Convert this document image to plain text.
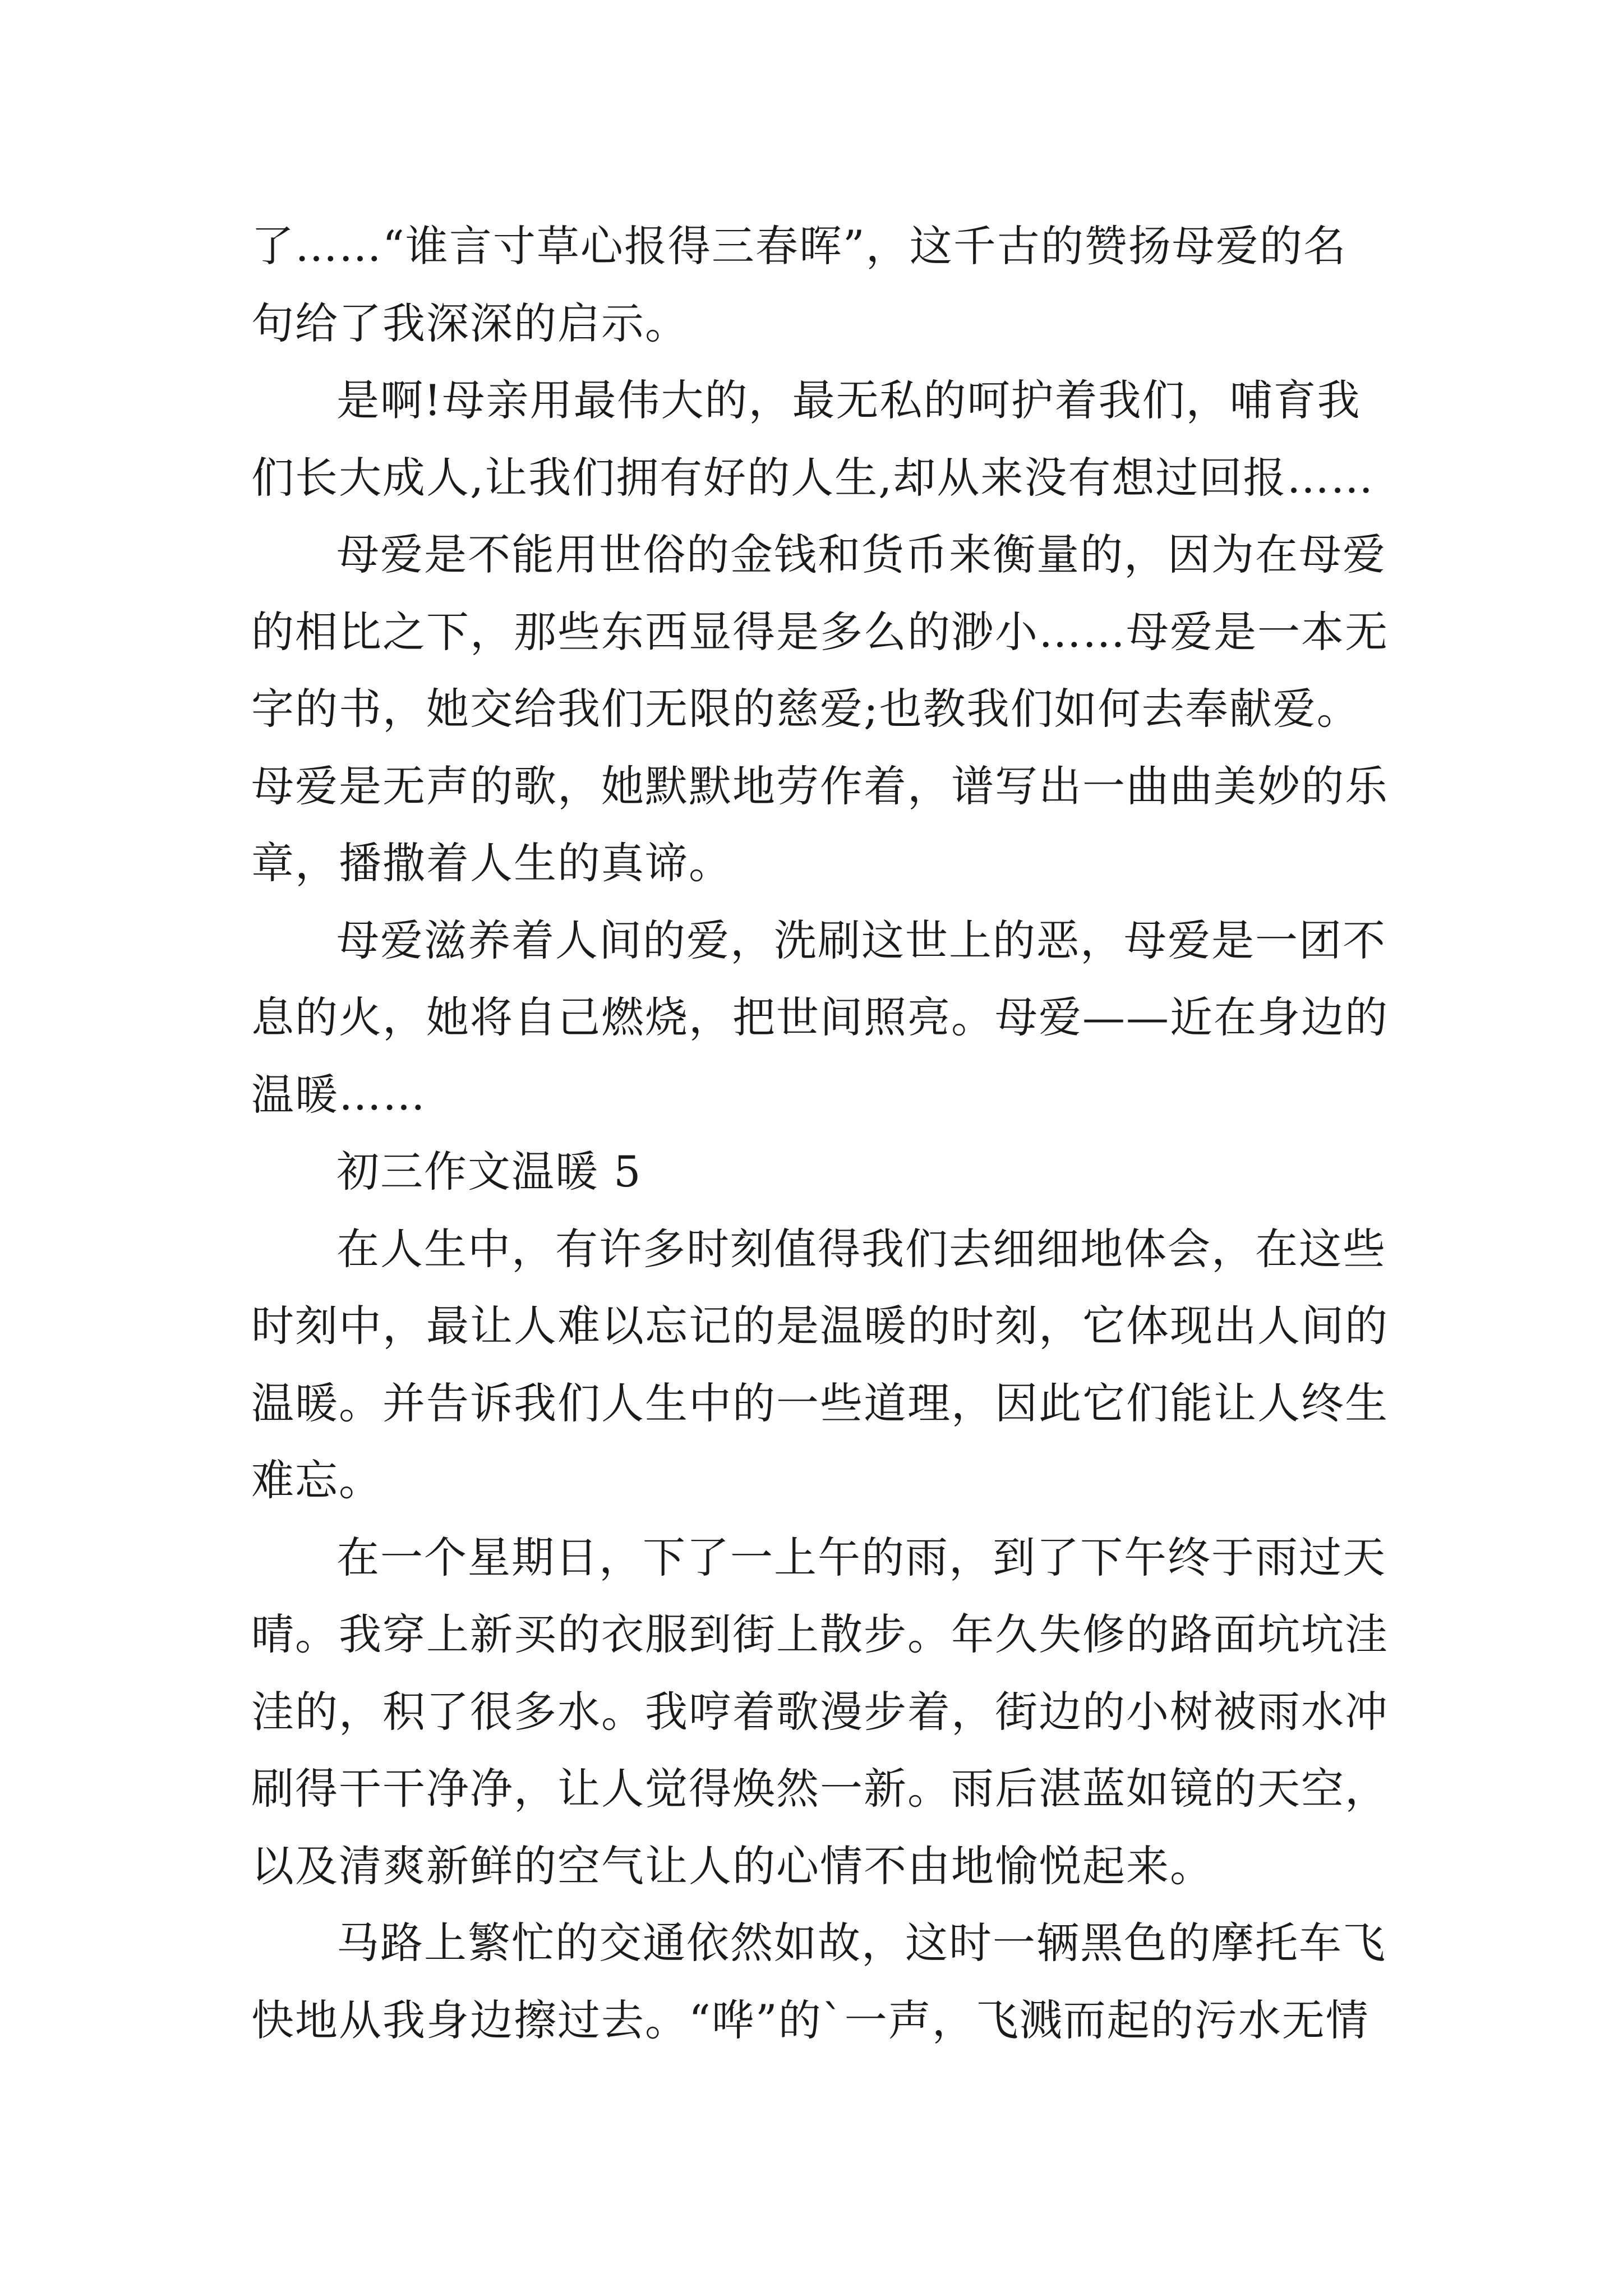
了……“谁言寸草心报得三春晖”，这千古的赞扬母爱的名
句给了我深深的启示。
是啊!母亲用最伟大的，最无私的呵护着我们，哺育我
们长大成人,让我们拥有好的人生,却从来没有想过回报……
母爱是不能用世俗的金钱和货币来衡量的，因为在母爱
的相比之下，那些东西显得是多么的渺小……母爱是一本无
字的书，她交给我们无限的慈爱;也教我们如何去奉献爱。
母爱是无声的歌，她默默地劳作着，谱写出一曲曲美妙的乐
章，播撒着人生的真谛。
母爱滋养着人间的爱，洗刷这世上的恶，母爱是一团不
息的火，她将自己燃烧，把世间照亮。母爱——近在身边的
温暖……
初三作文温暖 5
在人生中，有许多时刻值得我们去细细地体会，在这些
时刻中，最让人难以忘记的是温暖的时刻，它体现出人间的
温暖。并告诉我们人生中的一些道理，因此它们能让人终生
难忘。
在一个星期日，下了一上午的雨，到了下午终于雨过天
晴。我穿上新买的衣服到街上散步。年久失修的路面坑坑洼
洼的，积了很多水。我哼着歌漫步着，街边的小树被雨水冲
刷得干干净净，让人觉得焕然一新。雨后湛蓝如镜的天空，
以及清爽新鲜的空气让人的心情不由地愉悦起来。
马路上繁忙的交通依然如故，这时一辆黑色的摩托车飞
快地从我身边擦过去。“哗”的`一声，飞溅而起的污水无情
